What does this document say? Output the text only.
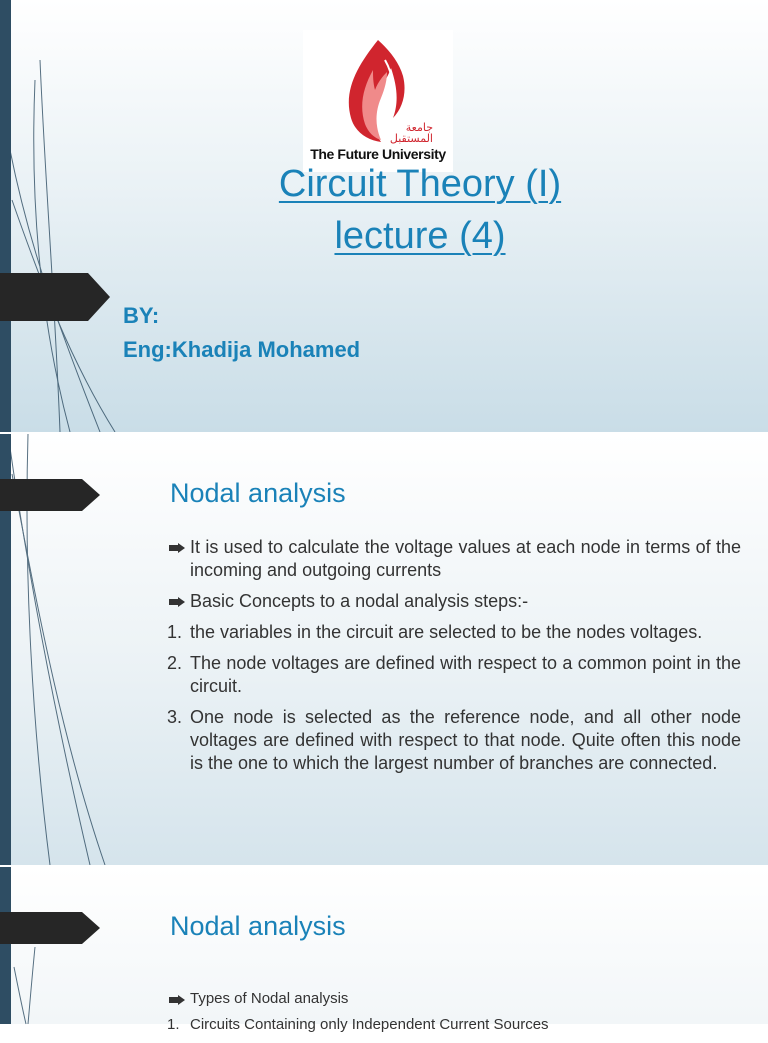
جامعة المستقبل
The Future University
Circuit Theory (I)
lecture (4)
BY:
Eng:Khadija Mohamed
Nodal analysis
It is used to calculate the voltage values at each node in terms of the incoming and outgoing currents
Basic Concepts to a nodal analysis steps:-
1. the variables in the circuit are selected to be the nodes voltages.
2. The node voltages are defined with respect to a common point in the circuit.
3. One node is selected as the reference node, and all other node voltages are defined with respect to that node. Quite often this node is the one to which the largest number of branches are connected.
Nodal analysis
Types of Nodal analysis
1. Circuits Containing only Independent Current Sources
